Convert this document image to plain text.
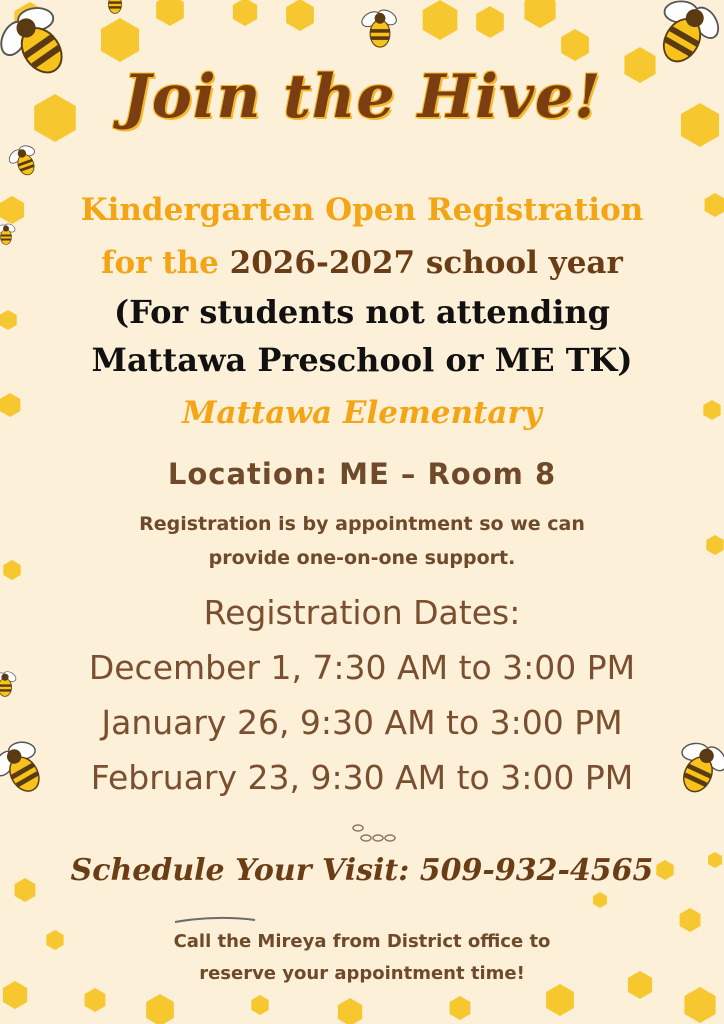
Join the Hive!

Kindergarten Open Registration

for the 2026-2027 school year

(For students not attending

Mattawa Preschool or ME TK)

Mattawa Elementary

Location: ME – Room 8

Registration is by appointment so we can

provide one-on-one support.

Registration Dates:

December 1, 7:30 AM to 3:00 PM

January 26, 9:30 AM to 3:00 PM

February 23, 9:30 AM to 3:00 PM

Schedule Your Visit: 509-932-4565

Call the Mireya from District office to

reserve your appointment time!
